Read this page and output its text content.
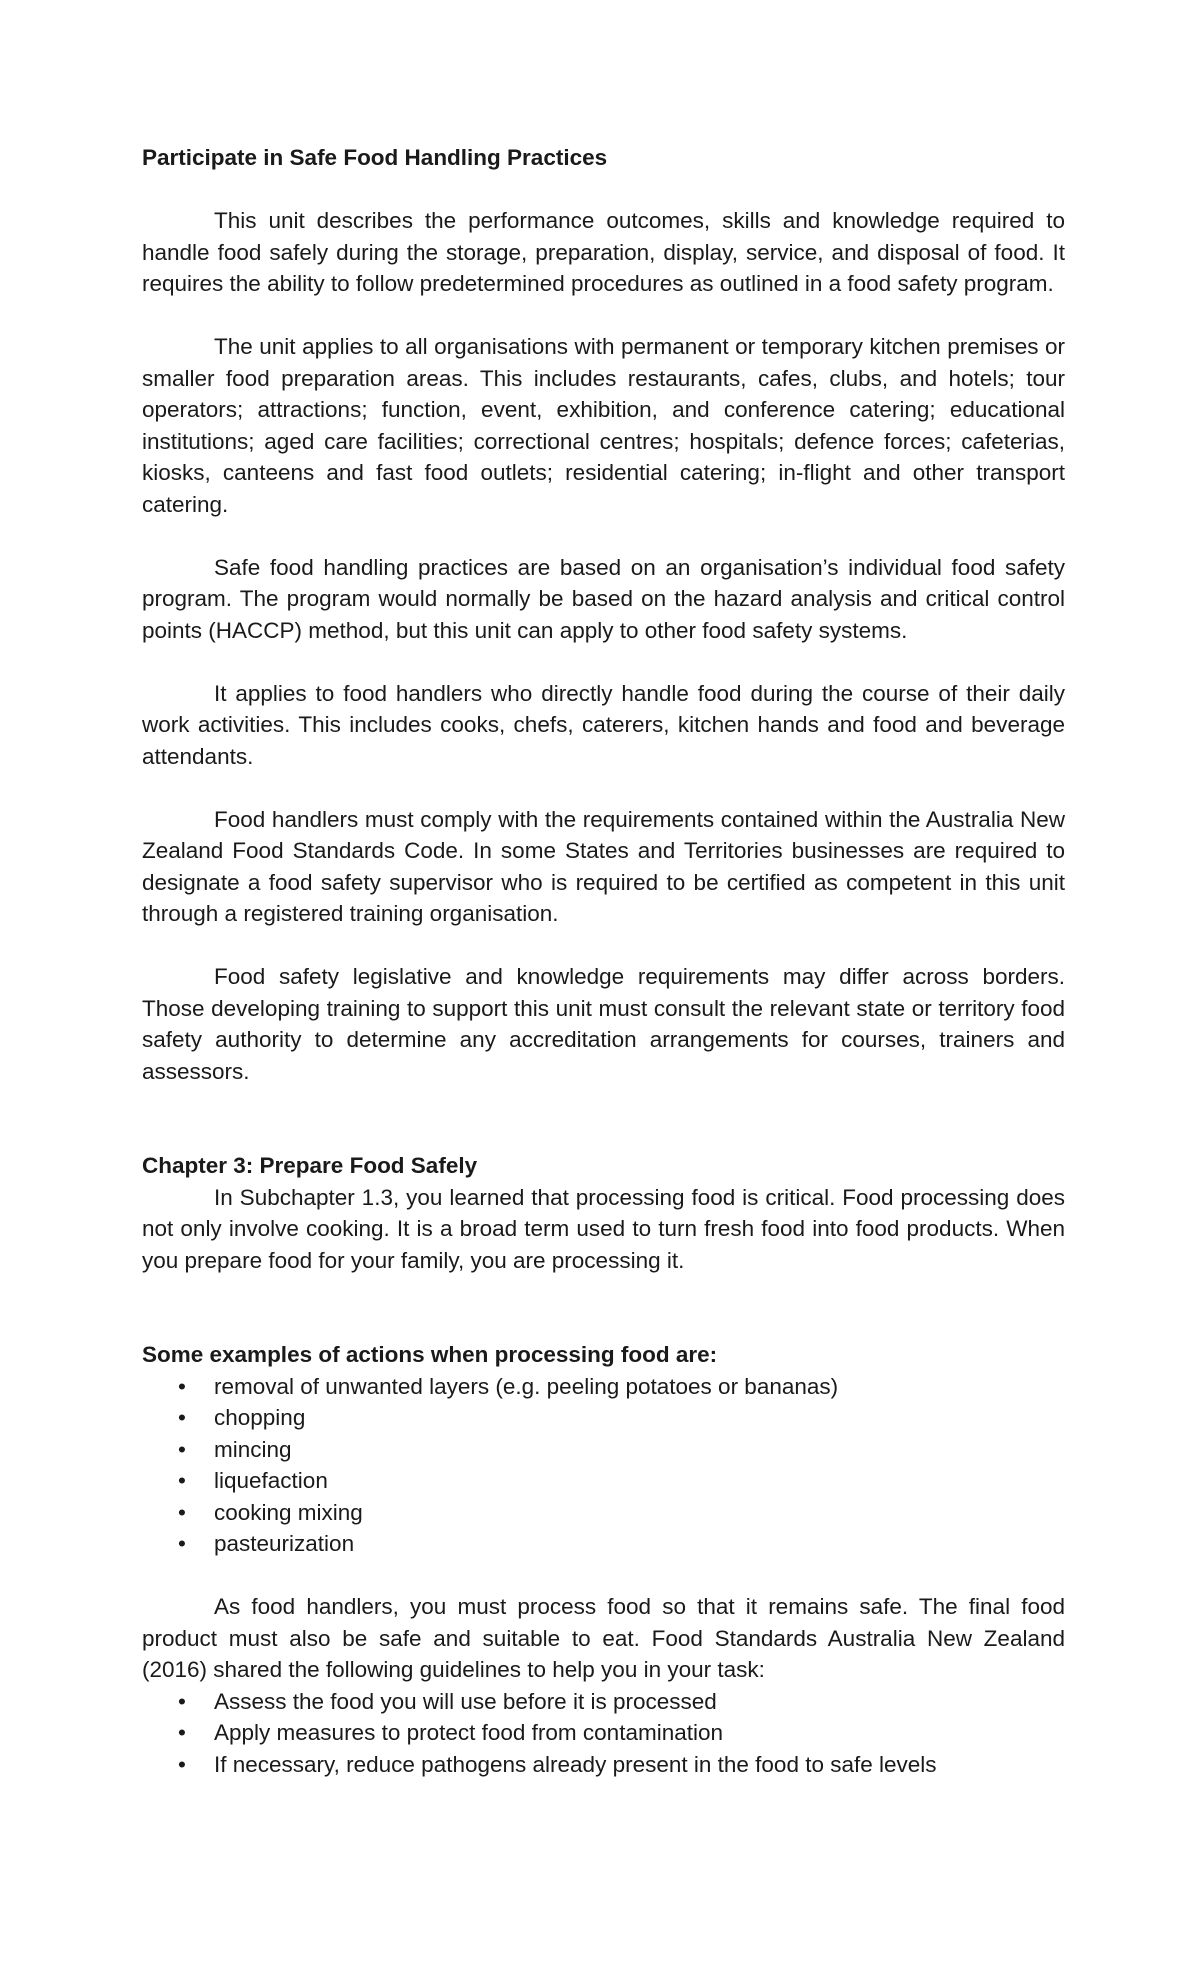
Participate in Safe Food Handling Practices

This unit describes the performance outcomes, skills and knowledge required to handle food safely during the storage, preparation, display, service, and disposal of food. It requires the ability to follow predetermined procedures as outlined in a food safety program.

The unit applies to all organisations with permanent or temporary kitchen premises or smaller food preparation areas. This includes restaurants, cafes, clubs, and hotels; tour operators; attractions; function, event, exhibition, and conference catering; educational institutions; aged care facilities; correctional centres; hospitals; defence forces; cafeterias, kiosks, canteens and fast food outlets; residential catering; in-flight and other transport catering.

Safe food handling practices are based on an organisation’s individual food safety program. The program would normally be based on the hazard analysis and critical control points (HACCP) method, but this unit can apply to other food safety systems.

It applies to food handlers who directly handle food during the course of their daily work activities. This includes cooks, chefs, caterers, kitchen hands and food and beverage attendants.

Food handlers must comply with the requirements contained within the Australia New Zealand Food Standards Code. In some States and Territories businesses are required to designate a food safety supervisor who is required to be certified as competent in this unit through a registered training organisation.

Food safety legislative and knowledge requirements may differ across borders. Those developing training to support this unit must consult the relevant state or territory food safety authority to determine any accreditation arrangements for courses, trainers and assessors.

Chapter 3: Prepare Food Safely

In Subchapter 1.3, you learned that processing food is critical. Food processing does not only involve cooking. It is a broad term used to turn fresh food into food products. When you prepare food for your family, you are processing it.

Some examples of actions when processing food are:

•	removal of unwanted layers (e.g. peeling potatoes or bananas)
•	chopping
•	mincing
•	liquefaction
•	cooking mixing
•	pasteurization

As food handlers, you must process food so that it remains safe. The final food product must also be safe and suitable to eat. Food Standards Australia New Zealand (2016) shared the following guidelines to help you in your task:

•	Assess the food you will use before it is processed
•	Apply measures to protect food from contamination
•	If necessary, reduce pathogens already present in the food to safe levels
